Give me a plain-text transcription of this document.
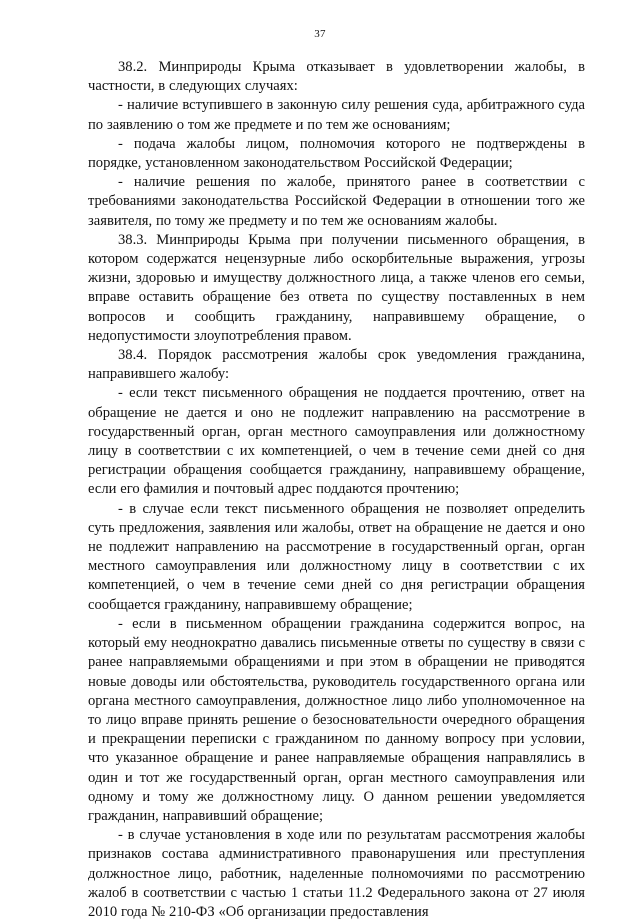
37

38.2. Минприроды Крыма отказывает в удовлетворении жалобы, в частности, в следующих случаях:

- наличие вступившего в законную силу решения суда, арбитражного суда по заявлению о том же предмете и по тем же основаниям;

- подача жалобы лицом, полномочия которого не подтверждены в порядке, установленном законодательством Российской Федерации;

- наличие решения по жалобе, принятого ранее в соответствии с требованиями законодательства Российской Федерации в отношении того же заявителя, по тому же предмету и по тем же основаниям жалобы.

38.3. Минприроды Крыма при получении письменного обращения, в котором содержатся нецензурные либо оскорбительные выражения, угрозы жизни, здоровью и имуществу должностного лица, а также членов его семьи, вправе оставить обращение без ответа по существу поставленных в нем вопросов и сообщить гражданину, направившему обращение, о недопустимости злоупотребления правом.

38.4. Порядок рассмотрения жалобы срок уведомления гражданина, направившего жалобу:

- если текст письменного обращения не поддается прочтению, ответ на обращение не дается и оно не подлежит направлению на рассмотрение в государственный орган, орган местного самоуправления или должностному лицу в соответствии с их компетенцией, о чем в течение семи дней со дня регистрации обращения сообщается гражданину, направившему обращение, если его фамилия и почтовый адрес поддаются прочтению;

- в случае если текст письменного обращения не позволяет определить суть предложения, заявления или жалобы, ответ на обращение не дается и оно не подлежит направлению на рассмотрение в государственный орган, орган местного самоуправления или должностному лицу в соответствии с их компетенцией, о чем в течение семи дней со дня регистрации обращения сообщается гражданину, направившему обращение;

- если в письменном обращении гражданина содержится вопрос, на который ему неоднократно давались письменные ответы по существу в связи с ранее направляемыми обращениями и при этом в обращении не приводятся новые доводы или обстоятельства, руководитель государственного органа или органа местного самоуправления, должностное лицо либо уполномоченное на то лицо вправе принять решение о безосновательности очередного обращения и прекращении переписки с гражданином по данному вопросу при условии, что указанное обращение и ранее направляемые обращения направлялись в один и тот же государственный орган, орган местного самоуправления или одному и тому же должностному лицу. О данном решении уведомляется гражданин, направивший обращение;

- в случае установления в ходе или по результатам рассмотрения жалобы признаков состава административного правонарушения или преступления должностное лицо, работник, наделенные полномочиями по рассмотрению жалоб в соответствии с частью 1 статьи 11.2 Федерального закона от 27 июля 2010 года № 210-ФЗ «Об организации предоставления
